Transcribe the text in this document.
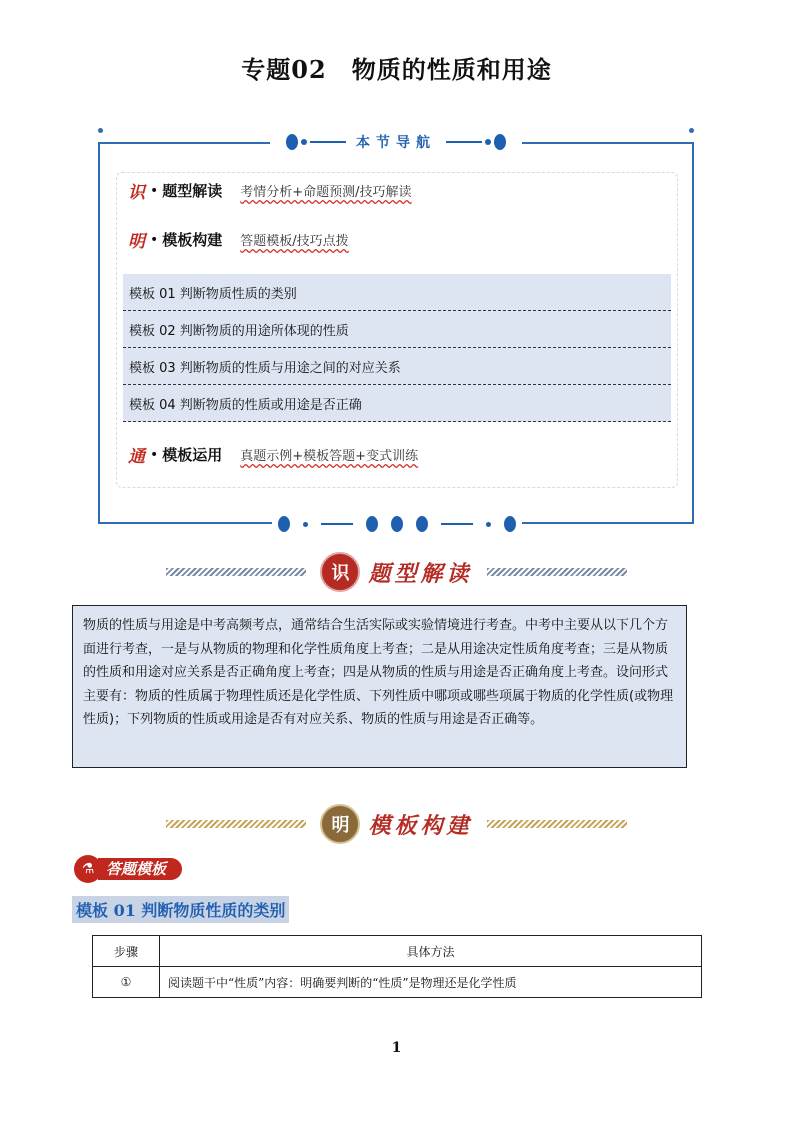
专题02　物质的性质和用途
本节导航
识 • 题型解读 考情分析+命题预测/技巧解读
明 • 模板构建 答题模板/技巧点拨
模板 01 判断物质性质的类别
模板 02 判断物质的用途所体现的性质
模板 03 判断物质的性质与用途之间的对应关系
模板 04 判断物质的性质或用途是否正确
通 • 模板运用 真题示例+模板答题+变式训练
识 题型解读
物质的性质与用途是中考高频考点，通常结合生活实际或实验情境进行考查。中考中主要从以下几个方面进行考查，一是与从物质的物理和化学性质角度上考查；二是从用途决定性质角度考查；三是从物质的性质和用途对应关系是否正确角度上考查；四是从物质的性质与用途是否正确角度上考查。设问形式主要有：物质的性质属于物理性质还是化学性质、下列性质中哪项或哪些项属于物质的化学性质(或物理性质)；下列物质的性质或用途是否有对应关系、物质的性质与用途是否正确等。
明 模板构建
⚗ 答题模板
模板 01 判断物质性质的类别
步骤	具体方法
①	阅读题干中“性质”内容：明确要判断的“性质”是物理还是化学性质
1
